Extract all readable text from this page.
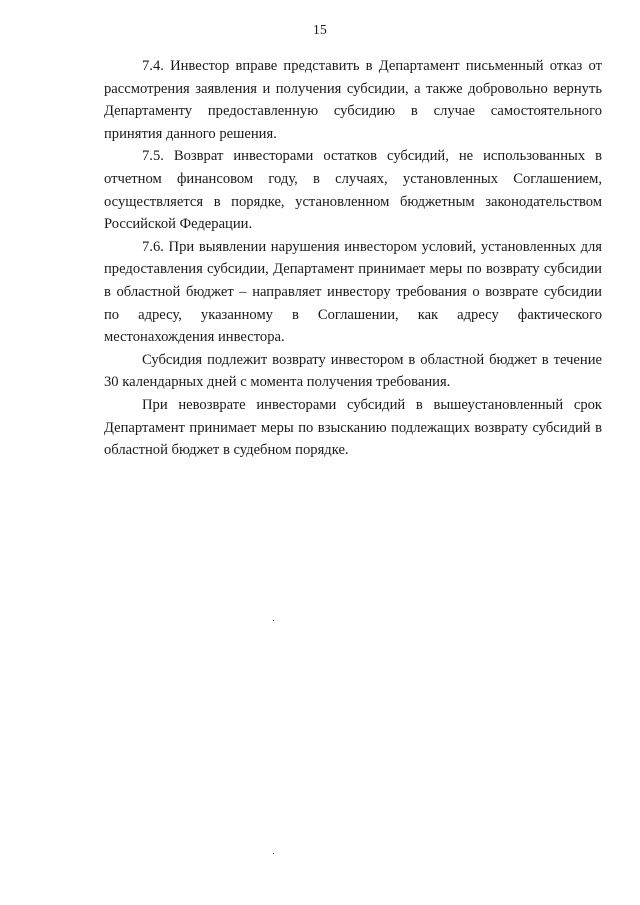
15

7.4. Инвестор вправе представить в Департамент письменный отказ от рассмотрения заявления и получения субсидии, а также добровольно вернуть Департаменту предоставленную субсидию в случае самостоятельного принятия данного решения.

7.5. Возврат инвесторами остатков субсидий, не использованных в отчетном финансовом году, в случаях, установленных Соглашением, осуществляется в порядке, установленном бюджетным законодательством Российской Федерации.

7.6. При выявлении нарушения инвестором условий, установленных для предоставления субсидии, Департамент принимает меры по возврату субсидии в областной бюджет – направляет инвестору требования о возврате субсидии по адресу, указанному в Соглашении, как адресу фактического местонахождения инвестора.

Субсидия подлежит возврату инвестором в областной бюджет в течение 30 календарных дней с момента получения требования.

При невозврате инвесторами субсидий в вышеустановленный срок Департамент принимает меры по взысканию подлежащих возврату субсидий в областной бюджет в судебном порядке.
